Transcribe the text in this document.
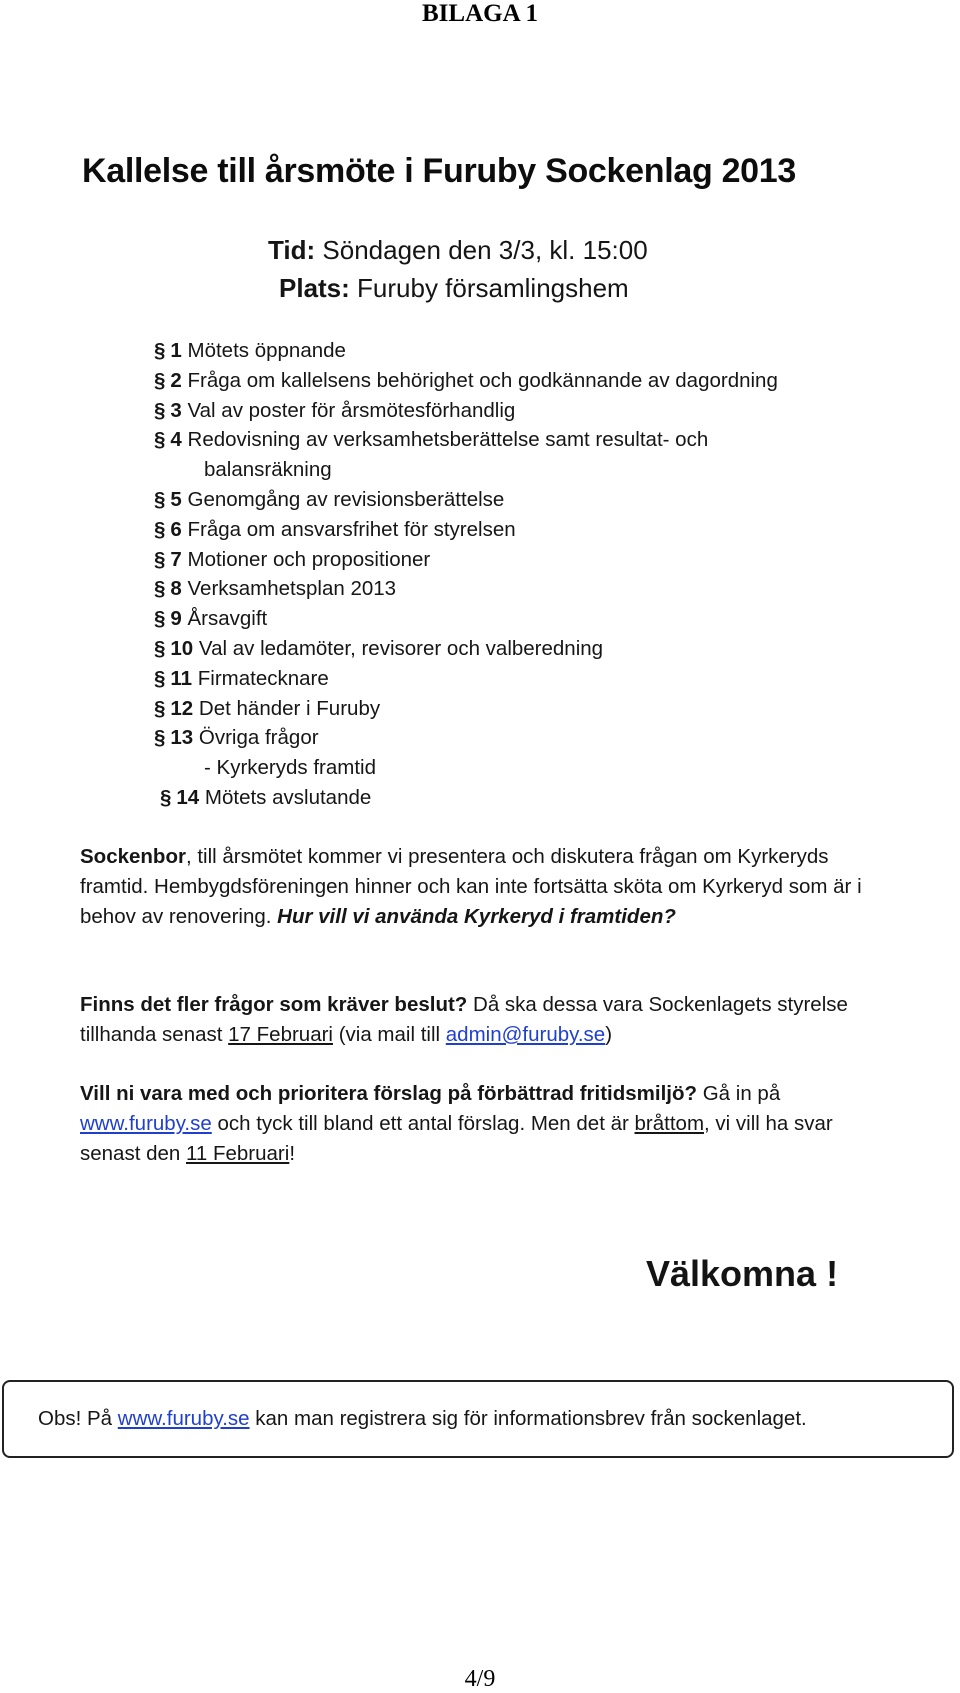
BILAGA 1
Kallelse till årsmöte i Furuby Sockenlag 2013
Tid: Söndagen den 3/3, kl. 15:00
Plats: Furuby församlingshem
§ 1 Mötets öppnande
§ 2 Fråga om kallelsens behörighet och godkännande av dagordning
§ 3 Val av poster för årsmötesförhandlig
§ 4 Redovisning av verksamhetsberättelse samt resultat- och
balansräkning
§ 5 Genomgång av revisionsberättelse
§ 6 Fråga om ansvarsfrihet för styrelsen
§ 7 Motioner och propositioner
§ 8 Verksamhetsplan 2013
§ 9 Årsavgift
§ 10 Val av ledamöter, revisorer och valberedning
§ 11 Firmatecknare
§ 12 Det händer i Furuby
§ 13 Övriga frågor
- Kyrkeryds framtid
§ 14 Mötets avslutande
Sockenbor, till årsmötet kommer vi presentera och diskutera frågan om Kyrkeryds framtid. Hembygdsföreningen hinner och kan inte fortsätta sköta om Kyrkeryd som är i behov av renovering. Hur vill vi använda Kyrkeryd i framtiden?
Finns det fler frågor som kräver beslut? Då ska dessa vara Sockenlagets styrelse tillhanda senast 17 Februari (via mail till admin@furuby.se)
Vill ni vara med och prioritera förslag på förbättrad fritidsmiljö? Gå in på www.furuby.se och tyck till bland ett antal förslag. Men det är bråttom, vi vill ha svar senast den 11 Februari!
Välkomna !
Obs! På www.furuby.se kan man registrera sig för informationsbrev från sockenlaget.
4/9
